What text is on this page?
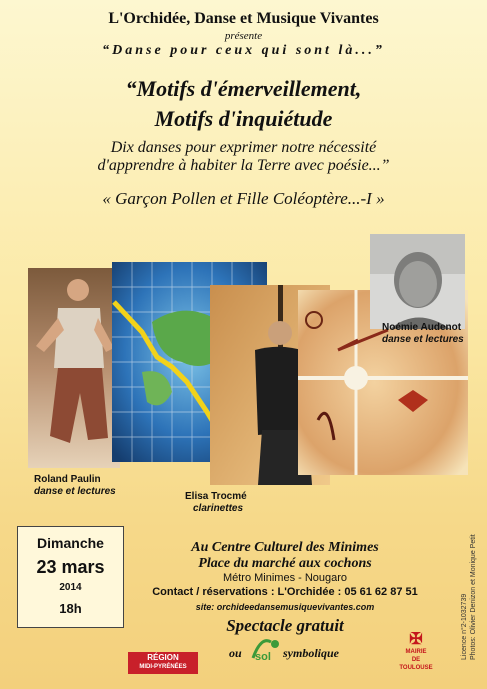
L'Orchidée, Danse et Musique Vivantes
présente
“Danse pour ceux qui sont là...”
“Motifs d'émerveillement,
Motifs d'inquiétude
Dix danses pour exprimer notre nécessité
d'apprendre à habiter la Terre avec poésie...”
« Garçon Pollen et Fille Coléoptère...-I »
Roland Paulin
danse et lectures	Elisa Trocmé
clarinettes
Noémie Audenot
danse et lectures
Dimanche
23 mars
2014
18h
Au Centre Culturel des Minimes
Place du marché aux cochons
Métro Minimes - Nougaro
Contact / réservations : L'Orchidée : 05 61 62 87 51
site: orchideedansemusiquevivantes.com
Spectacle gratuit
ou	symbolique
RÉGION
MIDI-PYRÉNÉES
sol
✠
MAIRIE
DE TOULOUSE
Licence n°2-1032739 Photos: Olivier Denizon et Monique Petit
